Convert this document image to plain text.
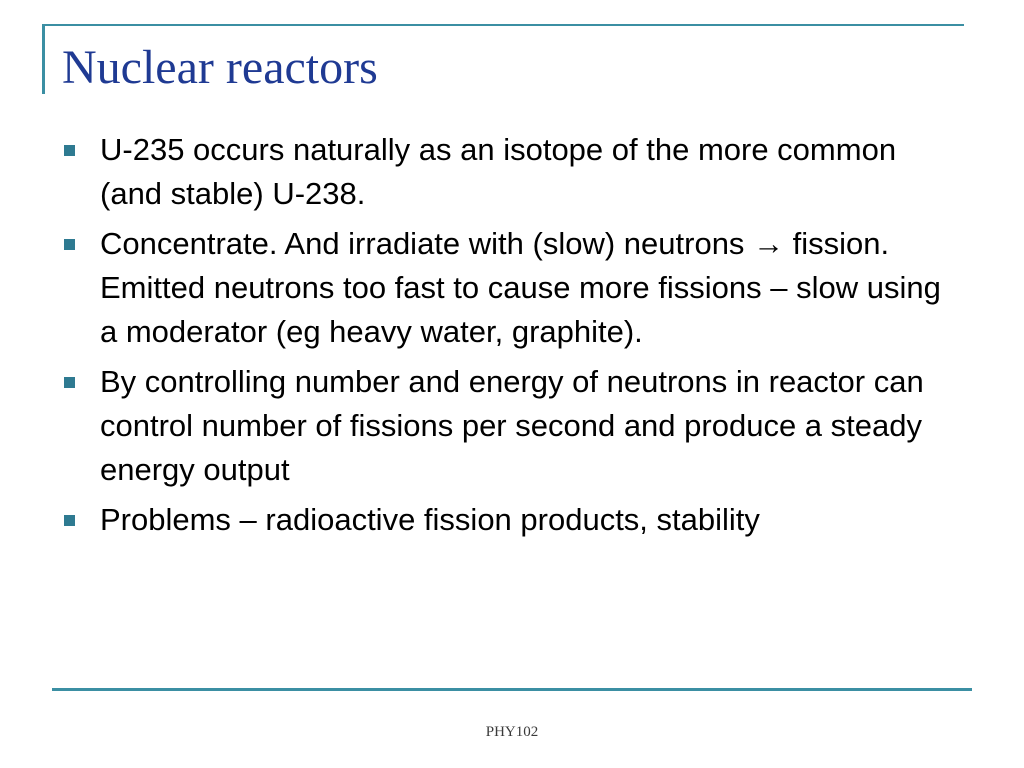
Nuclear reactors
U-235 occurs naturally as an isotope of the more common (and stable) U-238.
Concentrate. And irradiate with (slow) neutrons → fission. Emitted neutrons too fast to cause more fissions – slow using a moderator (eg heavy water, graphite).
By controlling number and energy of neutrons in reactor can control number of fissions per second and produce a steady energy output
Problems – radioactive fission products, stability
PHY102
